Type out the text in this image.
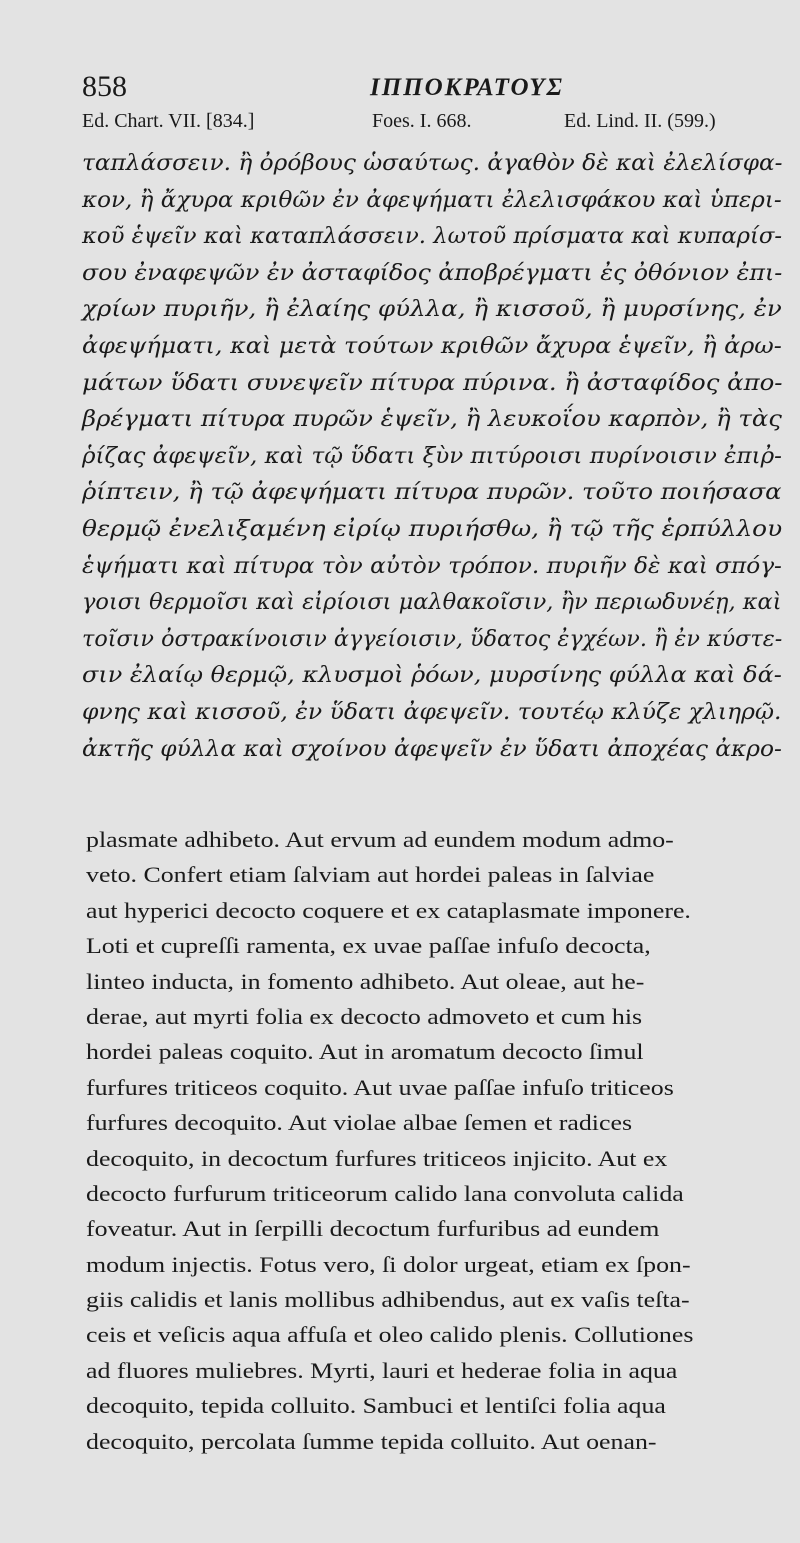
858	ΙΠΠΟΚΡΑΤΟΥΣ
Ed. Chart. VII. [834.]	Foes. I. 668.	Ed. Lind. II. (599.)
ταπλάσσειν. ἢ ὀρόβους ὡσαύτως. ἀγαθὸν δὲ καὶ ἐλελίσφα-
κον, ἢ ἄχυρα κριθῶν ἐν ἀφεψήματι ἐλελισφάκου καὶ ὑπερι-
κοῦ ἑψεῖν καὶ καταπλάσσειν. λωτοῦ πρίσματα καὶ κυπαρίσ-
σου ἐναφεψῶν ἐν ἀσταφίδος ἀποβρέγματι ἐς ὀθόνιον ἐπι-
χρίων πυριῆν, ἢ ἐλαίης φύλλα, ἢ κισσοῦ, ἢ μυρσίνης, ἐν
ἀφεψήματι, καὶ μετὰ τούτων κριθῶν ἄχυρα ἑψεῖν, ἢ ἀρω-
μάτων ὕδατι συνεψεῖν πίτυρα πύρινα. ἢ ἀσταφίδος ἀπο-
βρέγματι πίτυρα πυρῶν ἑψεῖν, ἢ λευκοΐου καρπὸν, ἢ τὰς
ῥίζας ἀφεψεῖν, καὶ τῷ ὕδατι ξὺν πιτύροισι πυρίνοισιν ἐπιῤ-
ῥίπτειν, ἢ τῷ ἀφεψήματι πίτυρα πυρῶν. τοῦτο ποιήσασα
θερμῷ ἐνελιξαμένη εἰρίῳ πυριήσθω, ἢ τῷ τῆς ἑρπύλλου
ἑψήματι καὶ πίτυρα τὸν αὐτὸν τρόπον. πυριῆν δὲ καὶ σπόγ-
γοισι θερμοῖσι καὶ εἰρίοισι μαλθακοῖσιν, ἢν περιωδυνέῃ, καὶ
τοῖσιν ὀστρακίνοισιν ἀγγείοισιν, ὕδατος ἐγχέων. ἢ ἐν κύστε-
σιν ἐλαίῳ θερμῷ, κλυσμοὶ ῥόων, μυρσίνης φύλλα καὶ δά-
φνης καὶ κισσοῦ, ἐν ὕδατι ἀφεψεῖν. τουτέῳ κλύζε χλιηρῷ.
ἀκτῆς φύλλα καὶ σχοίνου ἀφεψεῖν ἐν ὕδατι ἀποχέας ἀκρο-
plasmate adhibeto. Aut ervum ad eundem modum admo-
veto. Confert etiam ſalviam aut hordei paleas in ſalviae
aut hyperici decocto coquere et ex cataplasmate imponere.
Loti et cupreſſi ramenta, ex uvae paſſae infuſo decocta,
linteo inducta, in fomento adhibeto. Aut oleae, aut he-
derae, aut myrti folia ex decocto admoveto et cum his
hordei paleas coquito. Aut in aromatum decocto ſimul
furfures triticeos coquito. Aut uvae paſſae infuſo triticeos
furfures decoquito. Aut violae albae ſemen et radices
decoquito, in decoctum furfures triticeos injicito. Aut ex
decocto furfurum triticeorum calido lana convoluta calida
foveatur. Aut in ſerpilli decoctum furfuribus ad eundem
modum injectis. Fotus vero, ſi dolor urgeat, etiam ex ſpon-
giis calidis et lanis mollibus adhibendus, aut ex vaſis teſta-
ceis et veſicis aqua affuſa et oleo calido plenis. Collutiones
ad fluores muliebres. Myrti, lauri et hederae folia in aqua
decoquito, tepida colluito. Sambuci et lentiſci folia aqua
decoquito, percolata ſumme tepida colluito. Aut oenan-
